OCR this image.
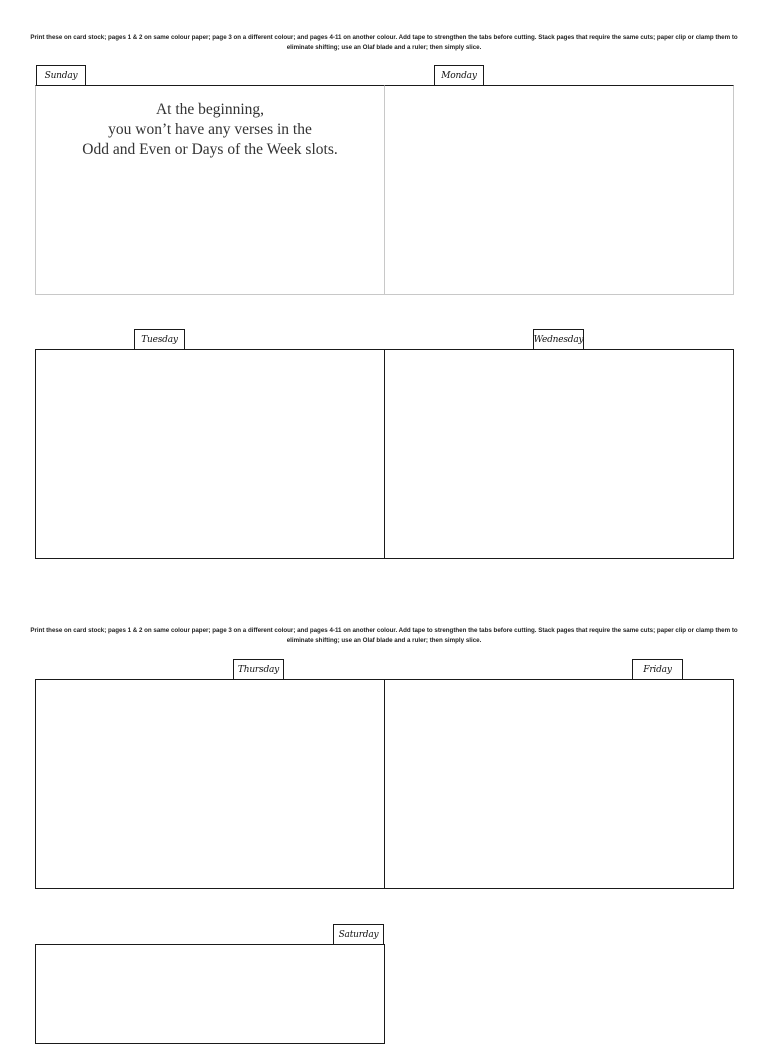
Print these on card stock; pages 1 & 2 on same colour paper; page 3 on a different colour; and pages 4-11 on another colour. Add tape to strengthen the tabs before cutting. Stack pages that require the same cuts; paper clip or clamp them to eliminate shifting; use an Olaf blade and a ruler; then simply slice.
Sunday
At the beginning,
you won’t have any verses in the
Odd and Even or Days of the Week slots.
Monday
Tuesday	Wednesday
Print these on card stock; pages 1 & 2 on same colour paper; page 3 on a different colour; and pages 4-11 on another colour. Add tape to strengthen the tabs before cutting. Stack pages that require the same cuts; paper clip or clamp them to eliminate shifting; use an Olaf blade and a ruler; then simply slice.
Thursday	Friday
Saturday
